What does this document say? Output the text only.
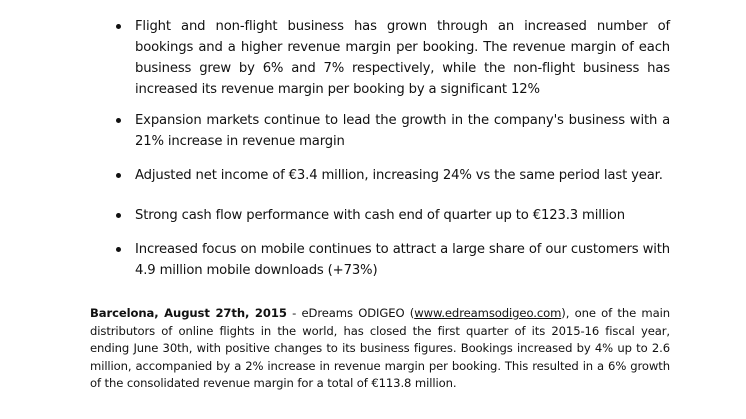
Flight and non-flight business has grown through an increased number of bookings and a higher revenue margin per booking. The revenue margin of each business grew by 6% and 7% respectively, while the non-flight business has increased its revenue margin per booking by a significant 12%
Expansion markets continue to lead the growth in the company's business with a 21% increase in revenue margin
Adjusted net income of €3.4 million, increasing 24% vs the same period last year.
Strong cash flow performance with cash end of quarter up to €123.3 million
Increased focus on mobile continues to attract a large share of our customers with 4.9 million mobile downloads (+73%)

Barcelona, August 27th, 2015 - eDreams ODIGEO (www.edreamsodigeo.com), one of the main distributors of online flights in the world, has closed the first quarter of its 2015-16 fiscal year, ending June 30th, with positive changes to its business figures. Bookings increased by 4% up to 2.6 million, accompanied by a 2% increase in revenue margin per booking. This resulted in a 6% growth of the consolidated revenue margin for a total of €113.8 million.
